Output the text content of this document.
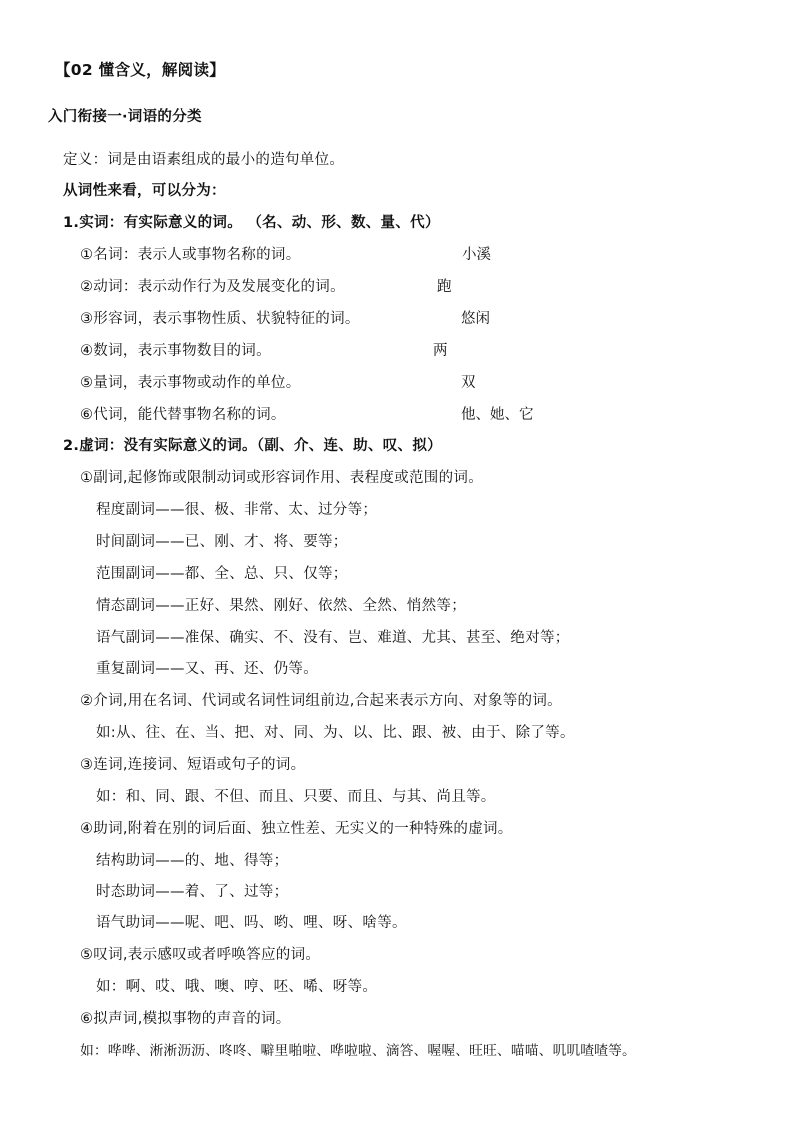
【02 懂含义，解阅读】
入门衔接一·词语的分类
定义：词是由语素组成的最小的造句单位。
从词性来看，可以分为：
1.实词：有实际意义的词。 （名、动、形、数、量、代）
①名词：表示人或事物名称的词。	小溪
②动词：表示动作行为及发展变化的词。	跑
③形容词，表示事物性质、状貌特征的词。	悠闲
④数词，表示事物数目的词。	两
⑤量词，表示事物或动作的单位。	双
⑥代词，能代替事物名称的词。	他、她、它
2.虚词：没有实际意义的词。（副、介、连、助、叹、拟）
①副词,起修饰或限制动词或形容词作用、表程度或范围的词。
程度副词——很、极、非常、太、过分等；
时间副词——已、刚、才、将、要等；
范围副词——都、全、总、只、仅等；
情态副词——正好、果然、刚好、依然、全然、悄然等；
语气副词——准保、确实、不、没有、岂、难道、尤其、甚至、绝对等；
重复副词——又、再、还、仍等。
②介词,用在名词、代词或名词性词组前边,合起来表示方向、对象等的词。
如:从、往、在、当、把、对、同、为、以、比、跟、被、由于、除了等。
③连词,连接词、短语或句子的词。
如：和、同、跟、不但、而且、只要、而且、与其、尚且等。
④助词,附着在别的词后面、独立性差、无实义的一种特殊的虚词。
结构助词——的、地、得等；
时态助词——着、了、过等；
语气助词——呢、吧、吗、哟、哩、呀、啥等。
⑤叹词,表示感叹或者呼唤答应的词。
如：啊、哎、哦、噢、哼、呸、唏、呀等。
⑥拟声词,模拟事物的声音的词。
如：哗哗、淅淅沥沥、咚咚、噼里啪啦、哗啦啦、滴答、喔喔、旺旺、喵喵、叽叽喳喳等。
